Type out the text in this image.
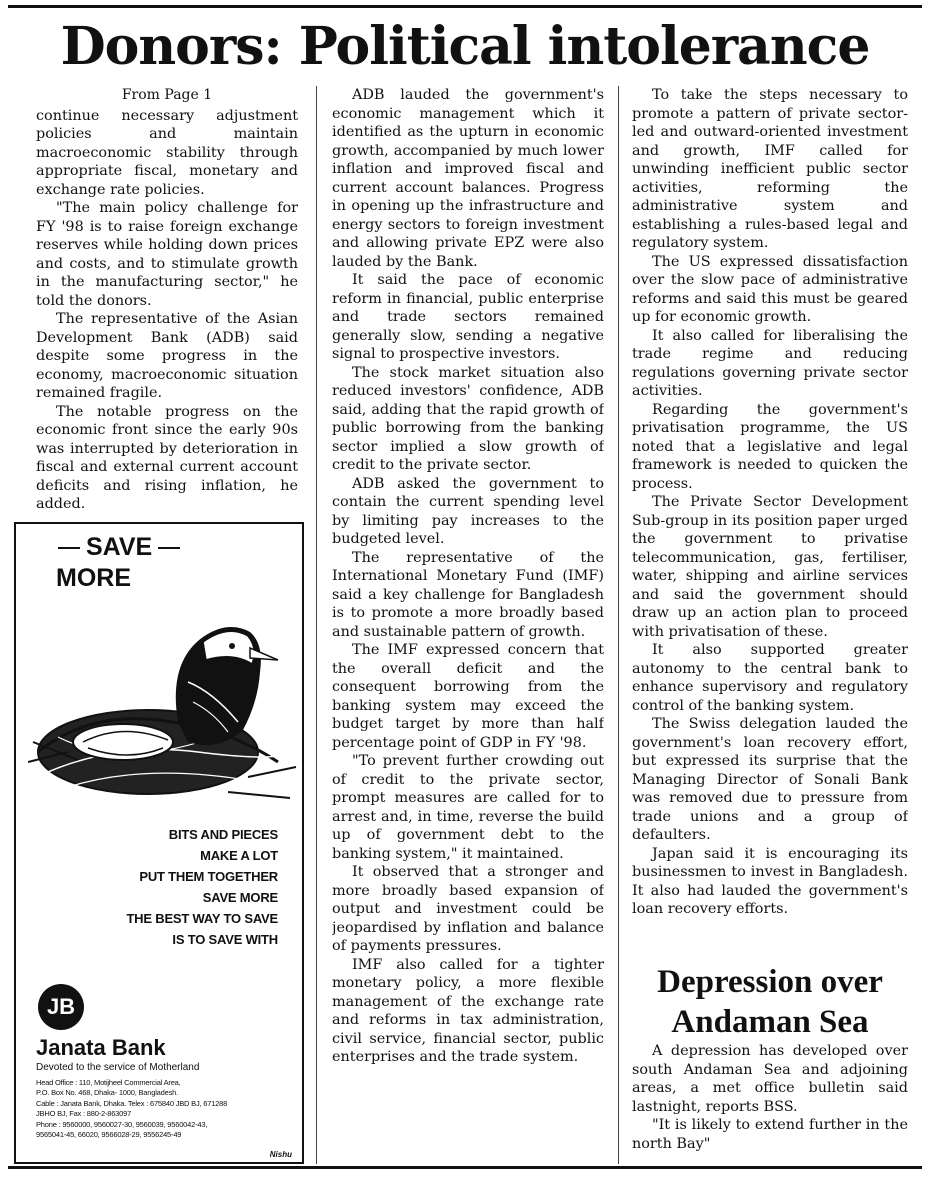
Donors: Political intolerance

From Page 1

continue necessary adjustment policies and maintain macroeconomic stability through appropriate fiscal, monetary and exchange rate policies.

"The main policy challenge for FY '98 is to raise foreign exchange reserves while holding down prices and costs, and to stimulate growth in the manufacturing sector," he told the donors.

The representative of the Asian Development Bank (ADB) said despite some progress in the economy, macroeconomic situation remained fragile.

The notable progress on the economic front since the early 90s was interrupted by deterioration in fiscal and external current account deficits and rising inflation, he added.

ADB lauded the government's economic management which it identified as the upturn in economic growth, accompanied by much lower inflation and improved fiscal and current account balances. Progress in opening up the infrastructure and energy sectors to foreign investment and allowing private EPZ were also lauded by the Bank.

It said the pace of economic reform in financial, public enterprise and trade sectors remained generally slow, sending a negative signal to prospective investors.

The stock market situation also reduced investors' confidence, ADB said, adding that the rapid growth of public borrowing from the banking sector implied a slow growth of credit to the private sector.

ADB asked the government to contain the current spending level by limiting pay increases to the budgeted level.

The representative of the International Monetary Fund (IMF) said a key challenge for Bangladesh is to promote a more broadly based and sustainable pattern of growth.

The IMF expressed concern that the overall deficit and the consequent borrowing from the banking system may exceed the budget target by more than half percentage point of GDP in FY '98.

"To prevent further crowding out of credit to the private sector, prompt measures are called for to arrest and, in time, reverse the build up of government debt to the banking system," it maintained.

It observed that a stronger and more broadly based expansion of output and investment could be jeopardised by inflation and balance of payments pressures.

IMF also called for a tighter monetary policy, a more flexible management of the exchange rate and reforms in tax administration, civil service, financial sector, public enterprises and the trade system.

To take the steps necessary to promote a pattern of private sector-led and outward-oriented investment and growth, IMF called for unwinding inefficient public sector activities, reforming the administrative system and establishing a rules-based legal and regulatory system.

The US expressed dissatisfaction over the slow pace of administrative reforms and said this must be geared up for economic growth.

It also called for liberalising the trade regime and reducing regulations governing private sector activities.

Regarding the government's privatisation programme, the US noted that a legislative and legal framework is needed to quicken the process.

The Private Sector Development Sub-group in its position paper urged the government to privatise telecommunication, gas, fertiliser, water, shipping and airline services and said the government should draw up an action plan to proceed with privatisation of these.

It also supported greater autonomy to the central bank to enhance supervisory and regulatory control of the banking system.

The Swiss delegation lauded the government's loan recovery effort, but expressed its surprise that the Managing Director of Sonali Bank was removed due to pressure from trade unions and a group of defaulters.

Japan said it is encouraging its businessmen to invest in Bangladesh. It also had lauded the government's loan recovery efforts.

Depression over Andaman Sea

A depression has developed over south Andaman Sea and adjoining areas, a met office bulletin said lastnight, reports BSS.

"It is likely to extend further in the north Bay"

SAVE
MORE
BITS AND PIECES
MAKE A LOT
PUT THEM TOGETHER
SAVE MORE
THE BEST WAY TO SAVE
IS TO SAVE WITH
JB
Janata Bank
Devoted to the service of Motherland
Head Office : 110, Motijheel Commercial Area,
P.O. Box No. 468, Dhaka- 1000, Bangladesh.
Cable : Janata Bank, Dhaka. Telex : 675840 JBD BJ, 671288
JBHO BJ, Fax : 880-2-863097
Phone : 9560000, 9560027-30, 9560039, 9560042-43,
9565041-45, 66020, 9566028-29, 9556245-49
Nishu
